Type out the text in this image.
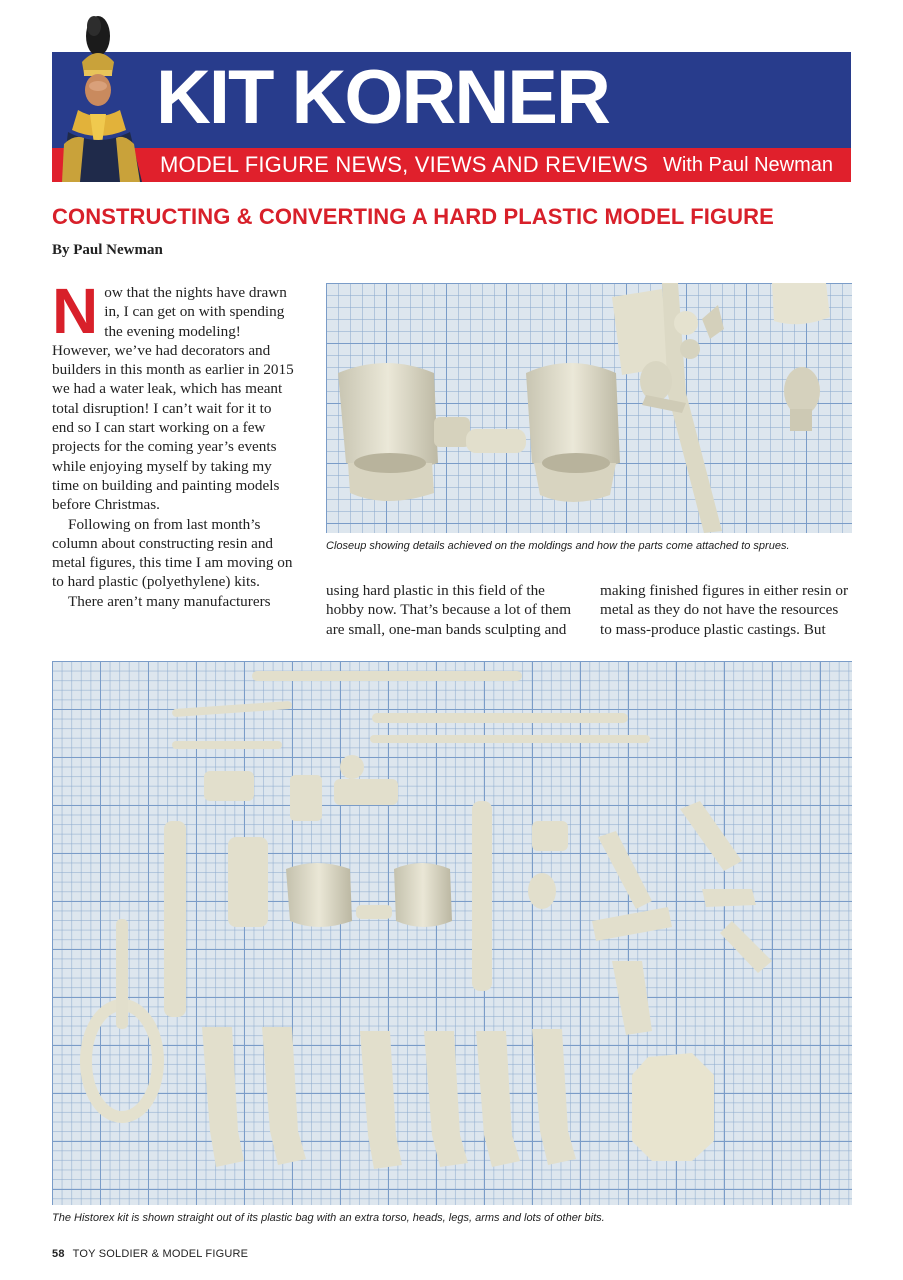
KIT KORNER
MODEL FIGURE NEWS, VIEWS AND REVIEWS With Paul Newman
CONSTRUCTING & CONVERTING A HARD PLASTIC MODEL FIGURE
By Paul Newman
N ow that the nights have drawn in, I can get on with spending the evening modeling! However, we’ve had decorators and builders in this month as earlier in 2015 we had a water leak, which has meant total disruption! I can’t wait for it to end so I can start working on a few projects for the coming year’s events while enjoying myself by taking my time on building and painting models before Christmas.
Following on from last month’s column about constructing resin and metal figures, this time I am moving on to hard plastic (polyethylene) kits.
There aren’t many manufacturers
Closeup showing details achieved on the moldings and how the parts come attached to sprues.
using hard plastic in this field of the hobby now. That’s because a lot of them are small, one-man bands sculpting and
making finished figures in either resin or metal as they do not have the resources to mass-produce plastic castings. But
The Historex kit is shown straight out of its plastic bag with an extra torso, heads, legs, arms and lots of other bits.
58 TOY SOLDIER & MODEL FIGURE
